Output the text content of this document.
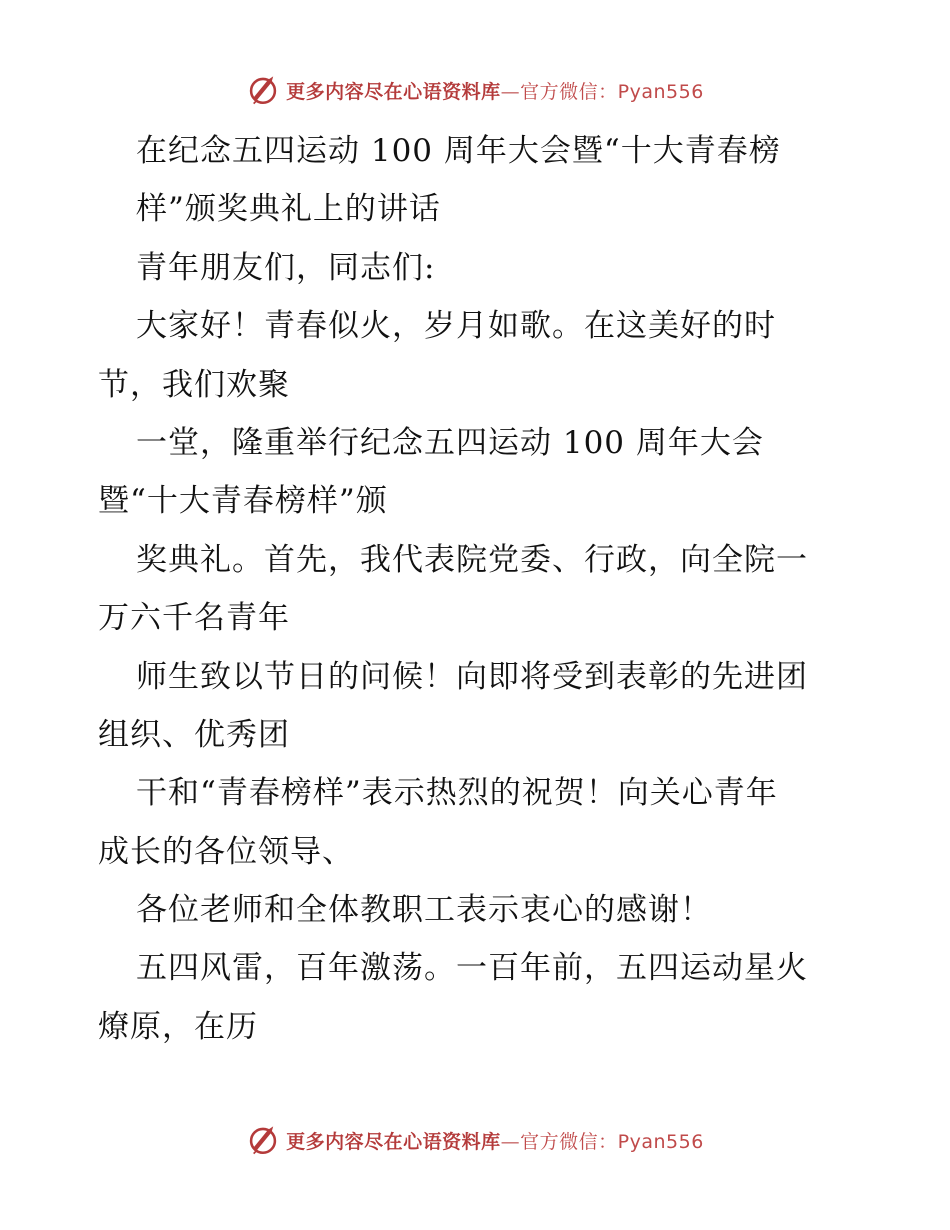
更多内容尽在心语资料库—官方微信：Pyan556
在纪念五四运动 100 周年大会暨“十大青春榜
样”颁奖典礼上的讲话
青年朋友们，同志们:
大家好！青春似火，岁月如歌。在这美好的时
节，我们欢聚
一堂，隆重举行纪念五四运动 100 周年大会
暨“十大青春榜样”颁
奖典礼。首先，我代表院党委、行政，向全院一
万六千名青年
师生致以节日的问候！向即将受到表彰的先进团
组织、优秀团
干和“青春榜样”表示热烈的祝贺！向关心青年
成长的各位领导、
各位老师和全体教职工表示衷心的感谢！
五四风雷，百年激荡。一百年前，五四运动星火
燎原，在历
更多内容尽在心语资料库—官方微信：Pyan556
